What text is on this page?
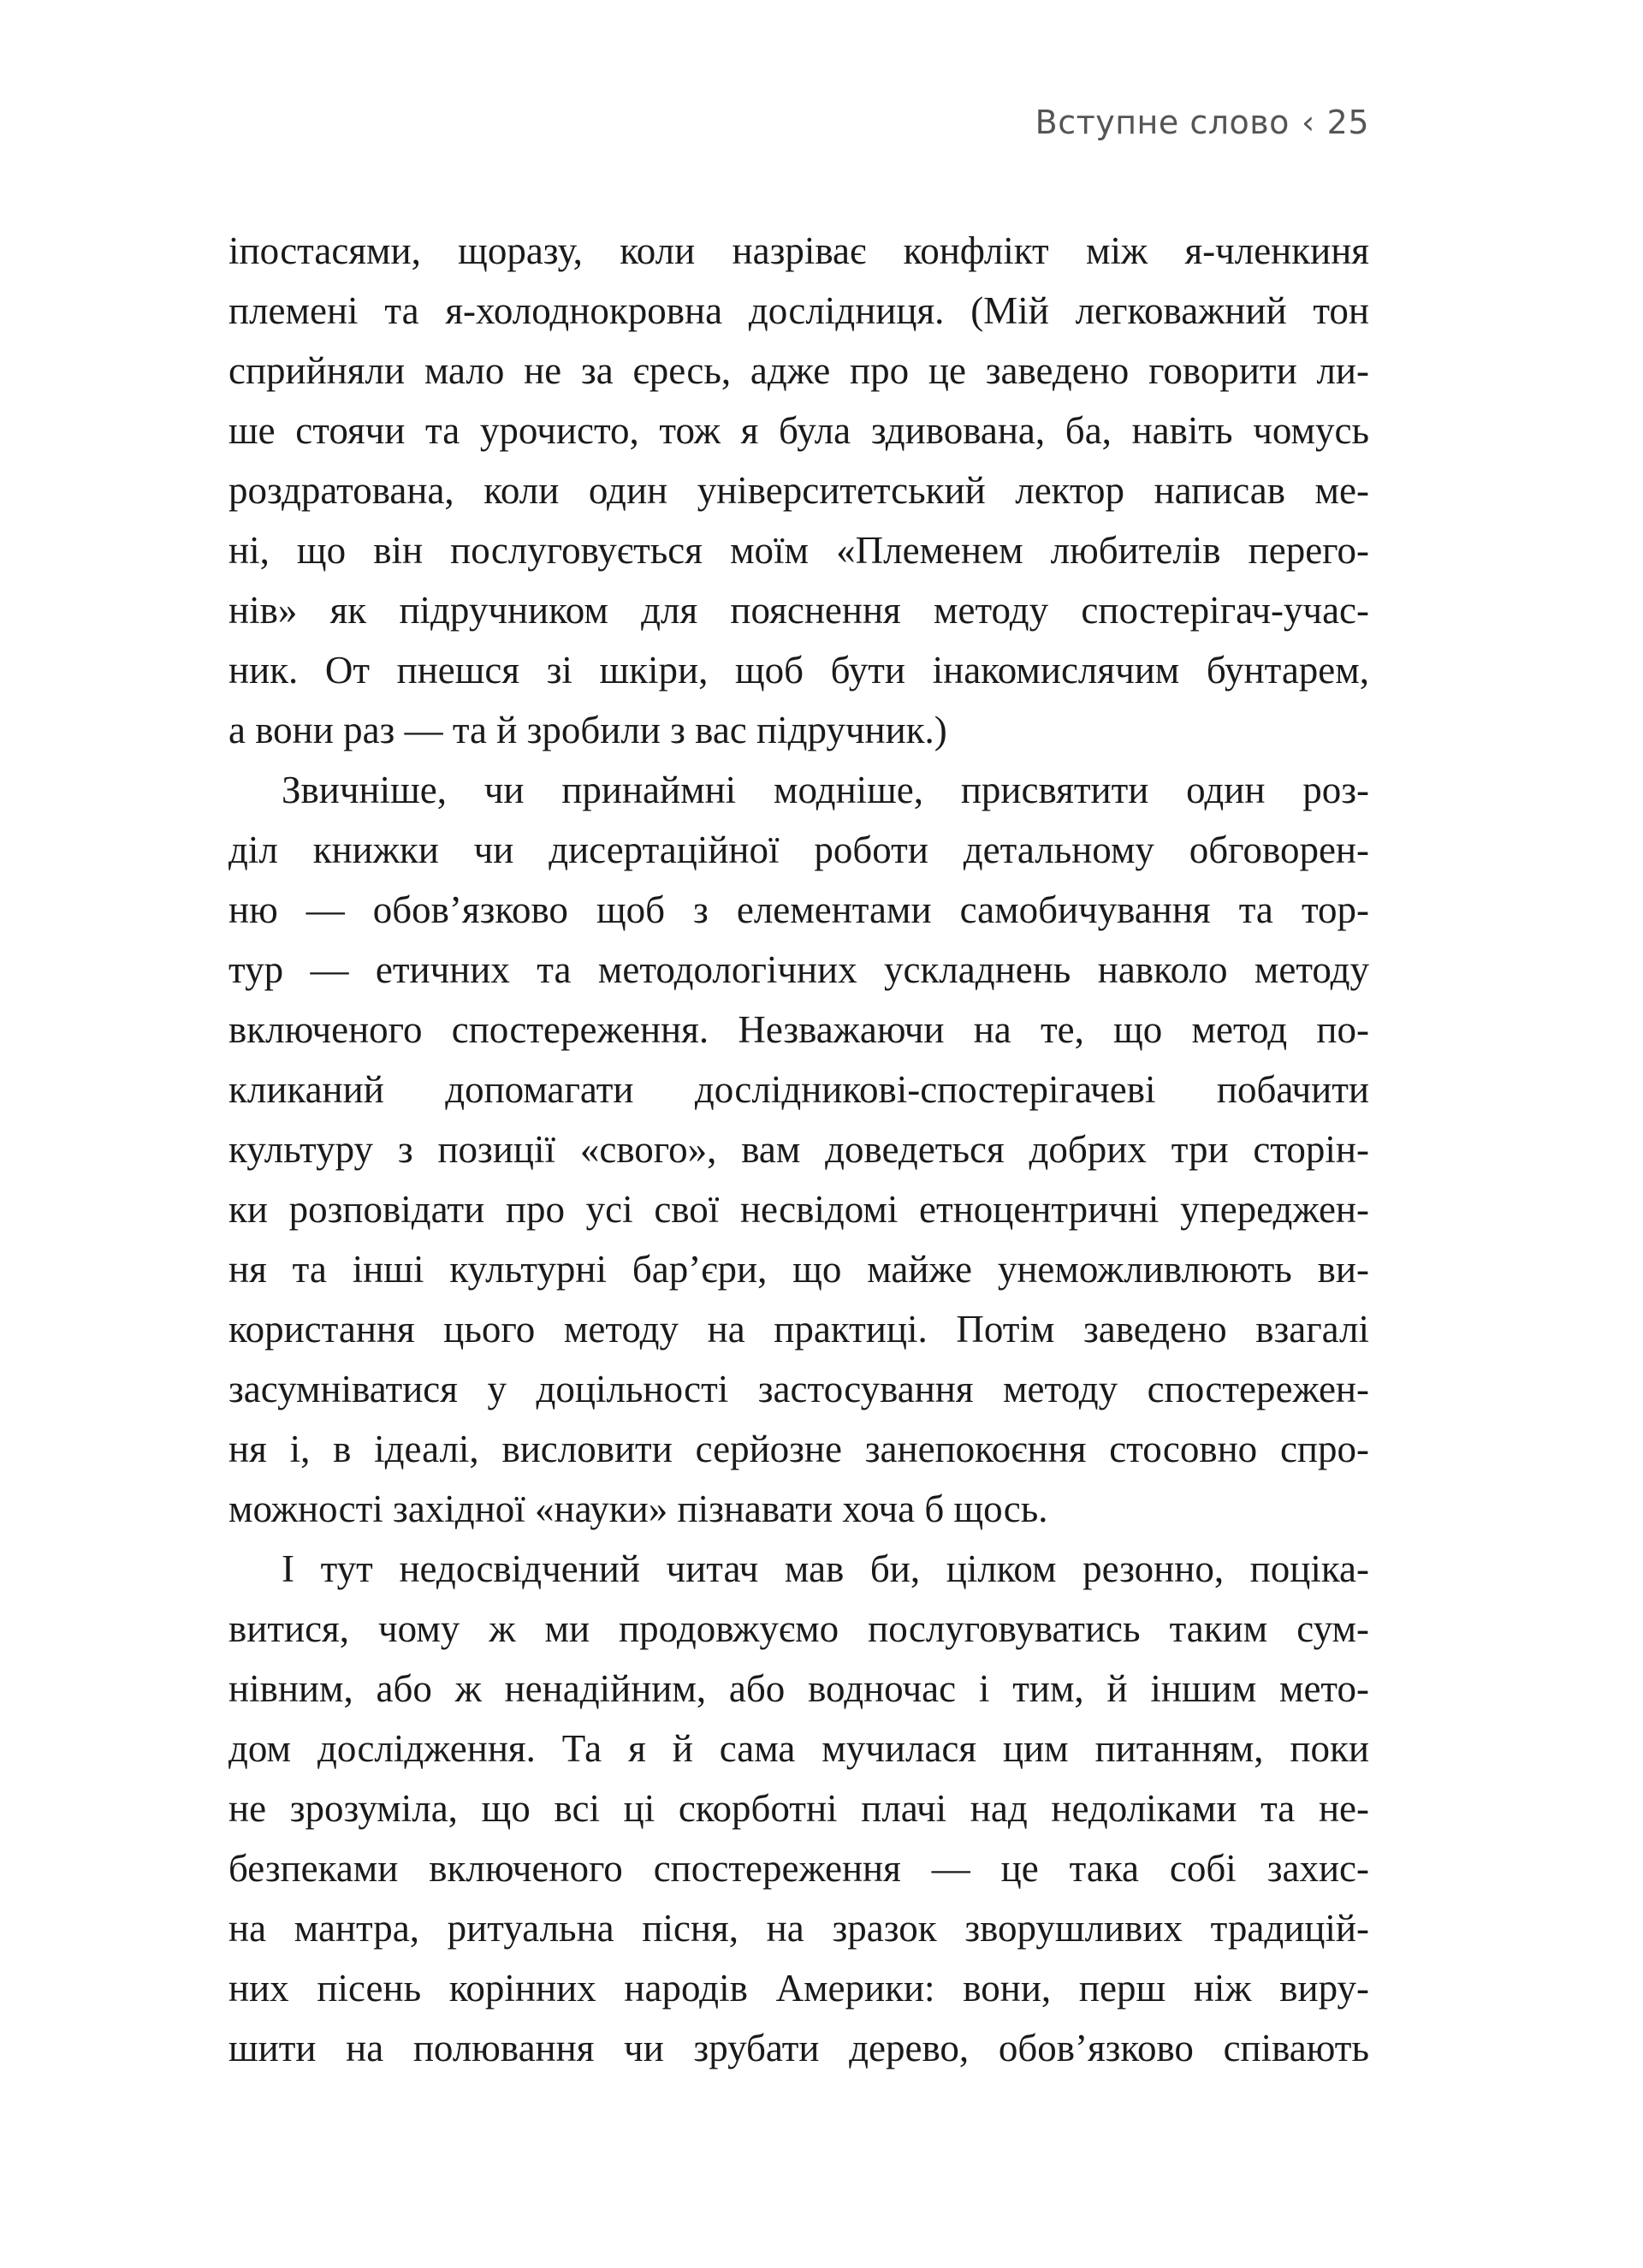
Вступне слово ‹ 25
іпостасями, щоразу, коли назріває конфлікт між я-членкиня
племені та я-холоднокровна дослідниця. (Мій легковажний тон
сприйняли мало не за єресь, адже про це заведено говорити ли-
ше стоячи та урочисто, тож я була здивована, ба, навіть чомусь
роздратована, коли один університетський лектор написав ме-
ні, що він послуговується моїм «Племенем любителів перего-
нів» як підручником для пояснення методу спостерігач-учас-
ник. От пнешся зі шкіри, щоб бути інакомислячим бунтарем,
а вони раз — та й зробили з вас підручник.)
Звичніше, чи принаймні модніше, присвятити один роз-
діл книжки чи дисертаційної роботи детальному обговорен-
ню — обов’язково щоб з елементами самобичування та тор-
тур — етичних та методологічних ускладнень навколо методу
включеного спостереження. Незважаючи на те, що метод по-
кликаний допомагати дослідникові-спостерігачеві побачити
культуру з позиції «свого», вам доведеться добрих три сторін-
ки розповідати про усі свої несвідомі етноцентричні упереджен-
ня та інші культурні бар’єри, що майже унеможливлюють ви-
користання цього методу на практиці. Потім заведено взагалі
засумніватися у доцільності застосування методу спостережен-
ня і, в ідеалі, висловити серйозне занепокоєння стосовно спро-
можності західної «науки» пізнавати хоча б щось.
І тут недосвідчений читач мав би, цілком резонно, поціка-
витися, чому ж ми продовжуємо послуговуватись таким сум-
нівним, або ж ненадійним, або водночас і тим, й іншим мето-
дом дослідження. Та я й сама мучилася цим питанням, поки
не зрозуміла, що всі ці скорботні плачі над недоліками та не-
безпеками включеного спостереження — це така собі захис-
на мантра, ритуальна пісня, на зразок зворушливих традицій-
них пісень корінних народів Америки: вони, перш ніж виру-
шити на полювання чи зрубати дерево, обов’язково співають
